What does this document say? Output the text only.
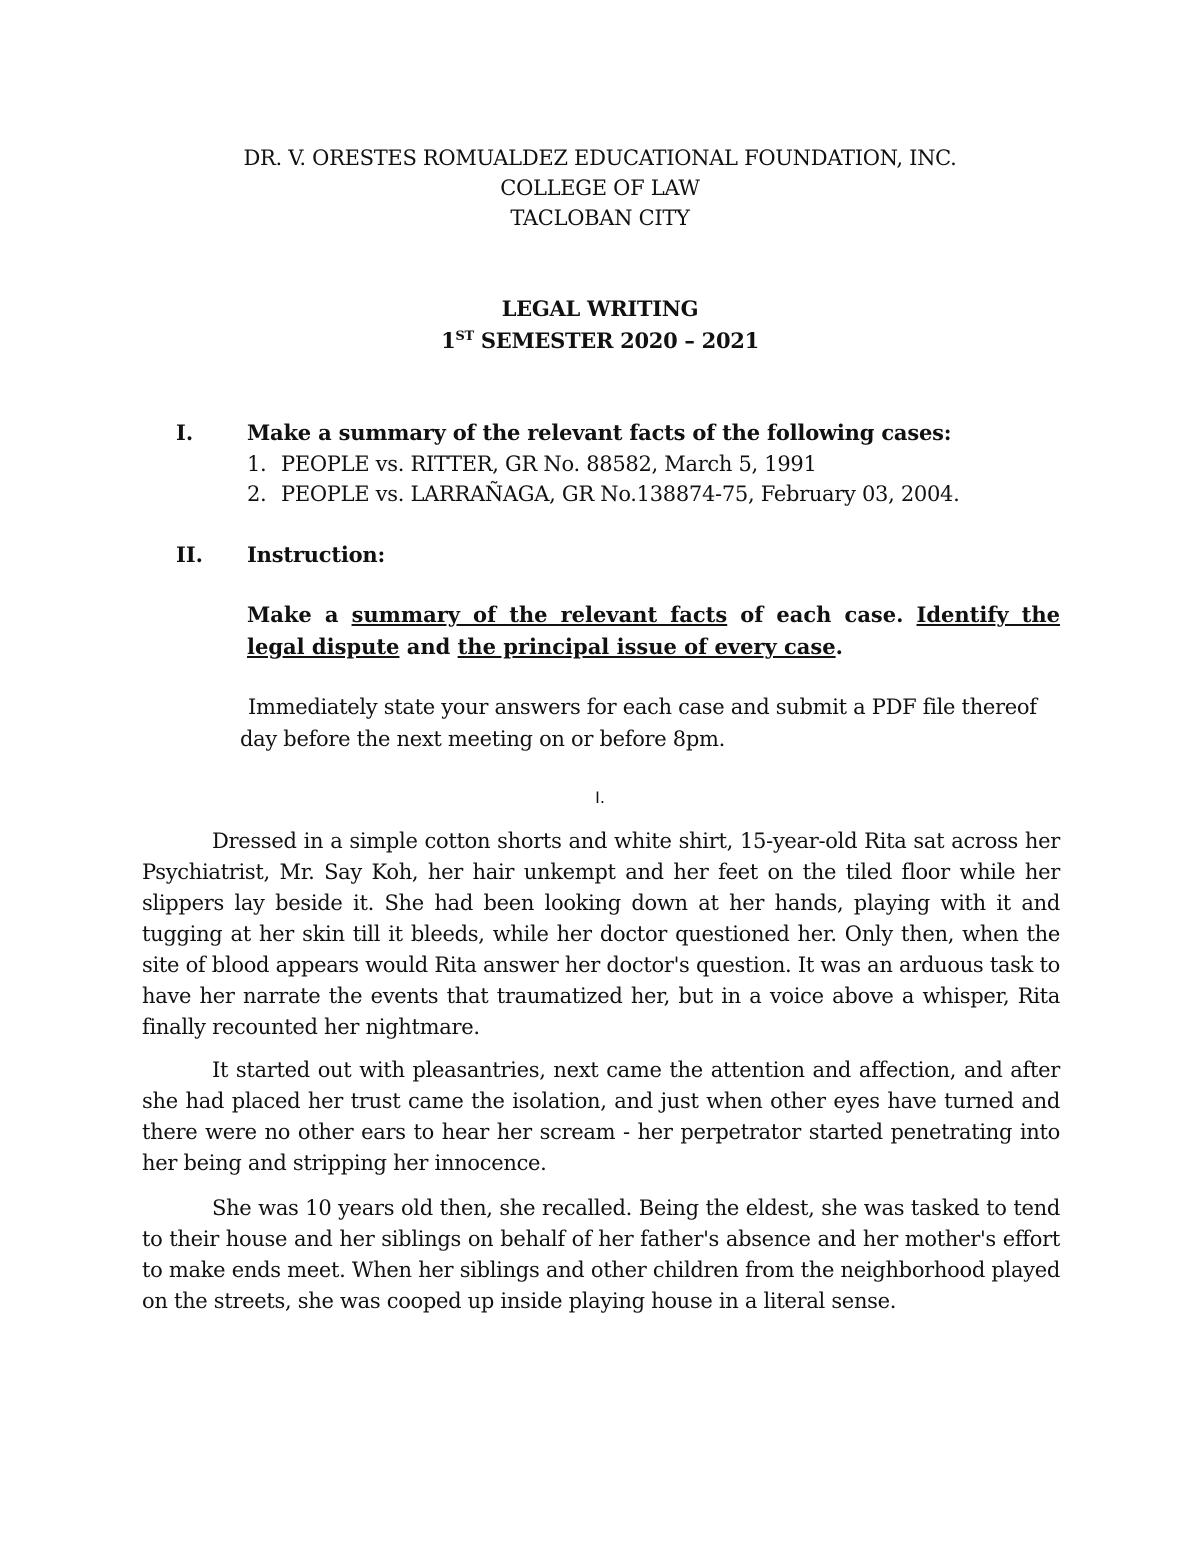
DR. V. ORESTES ROMUALDEZ EDUCATIONAL FOUNDATION, INC.
COLLEGE OF LAW
TACLOBAN CITY
LEGAL WRITING
1ST SEMESTER 2020 – 2021
I.	Make a summary of the relevant facts of the following cases:
1. PEOPLE vs. RITTER, GR No. 88582, March 5, 1991
2. PEOPLE vs. LARRAÑAGA, GR No.138874-75, February 03, 2004.
II. Instruction:
Make a summary of the relevant facts of each case. Identify the legal dispute and the principal issue of every case.
Immediately state your answers for each case and submit a PDF file thereof
day before the next meeting on or before 8pm.
I.

Dressed in a simple cotton shorts and white shirt, 15-year-old Rita sat across her Psychiatrist, Mr. Say Koh, her hair unkempt and her feet on the tiled floor while her slippers lay beside it. She had been looking down at her hands, playing with it and tugging at her skin till it bleeds, while her doctor questioned her. Only then, when the site of blood appears would Rita answer her doctor's question. It was an arduous task to have her narrate the events that traumatized her, but in a voice above a whisper, Rita finally recounted her nightmare.

It started out with pleasantries, next came the attention and affection, and after she had placed her trust came the isolation, and just when other eyes have turned and there were no other ears to hear her scream - her perpetrator started penetrating into her being and stripping her innocence.

She was 10 years old then, she recalled. Being the eldest, she was tasked to tend to their house and her siblings on behalf of her father's absence and her mother's effort to make ends meet. When her siblings and other children from the neighborhood played on the streets, she was cooped up inside playing house in a literal sense.
